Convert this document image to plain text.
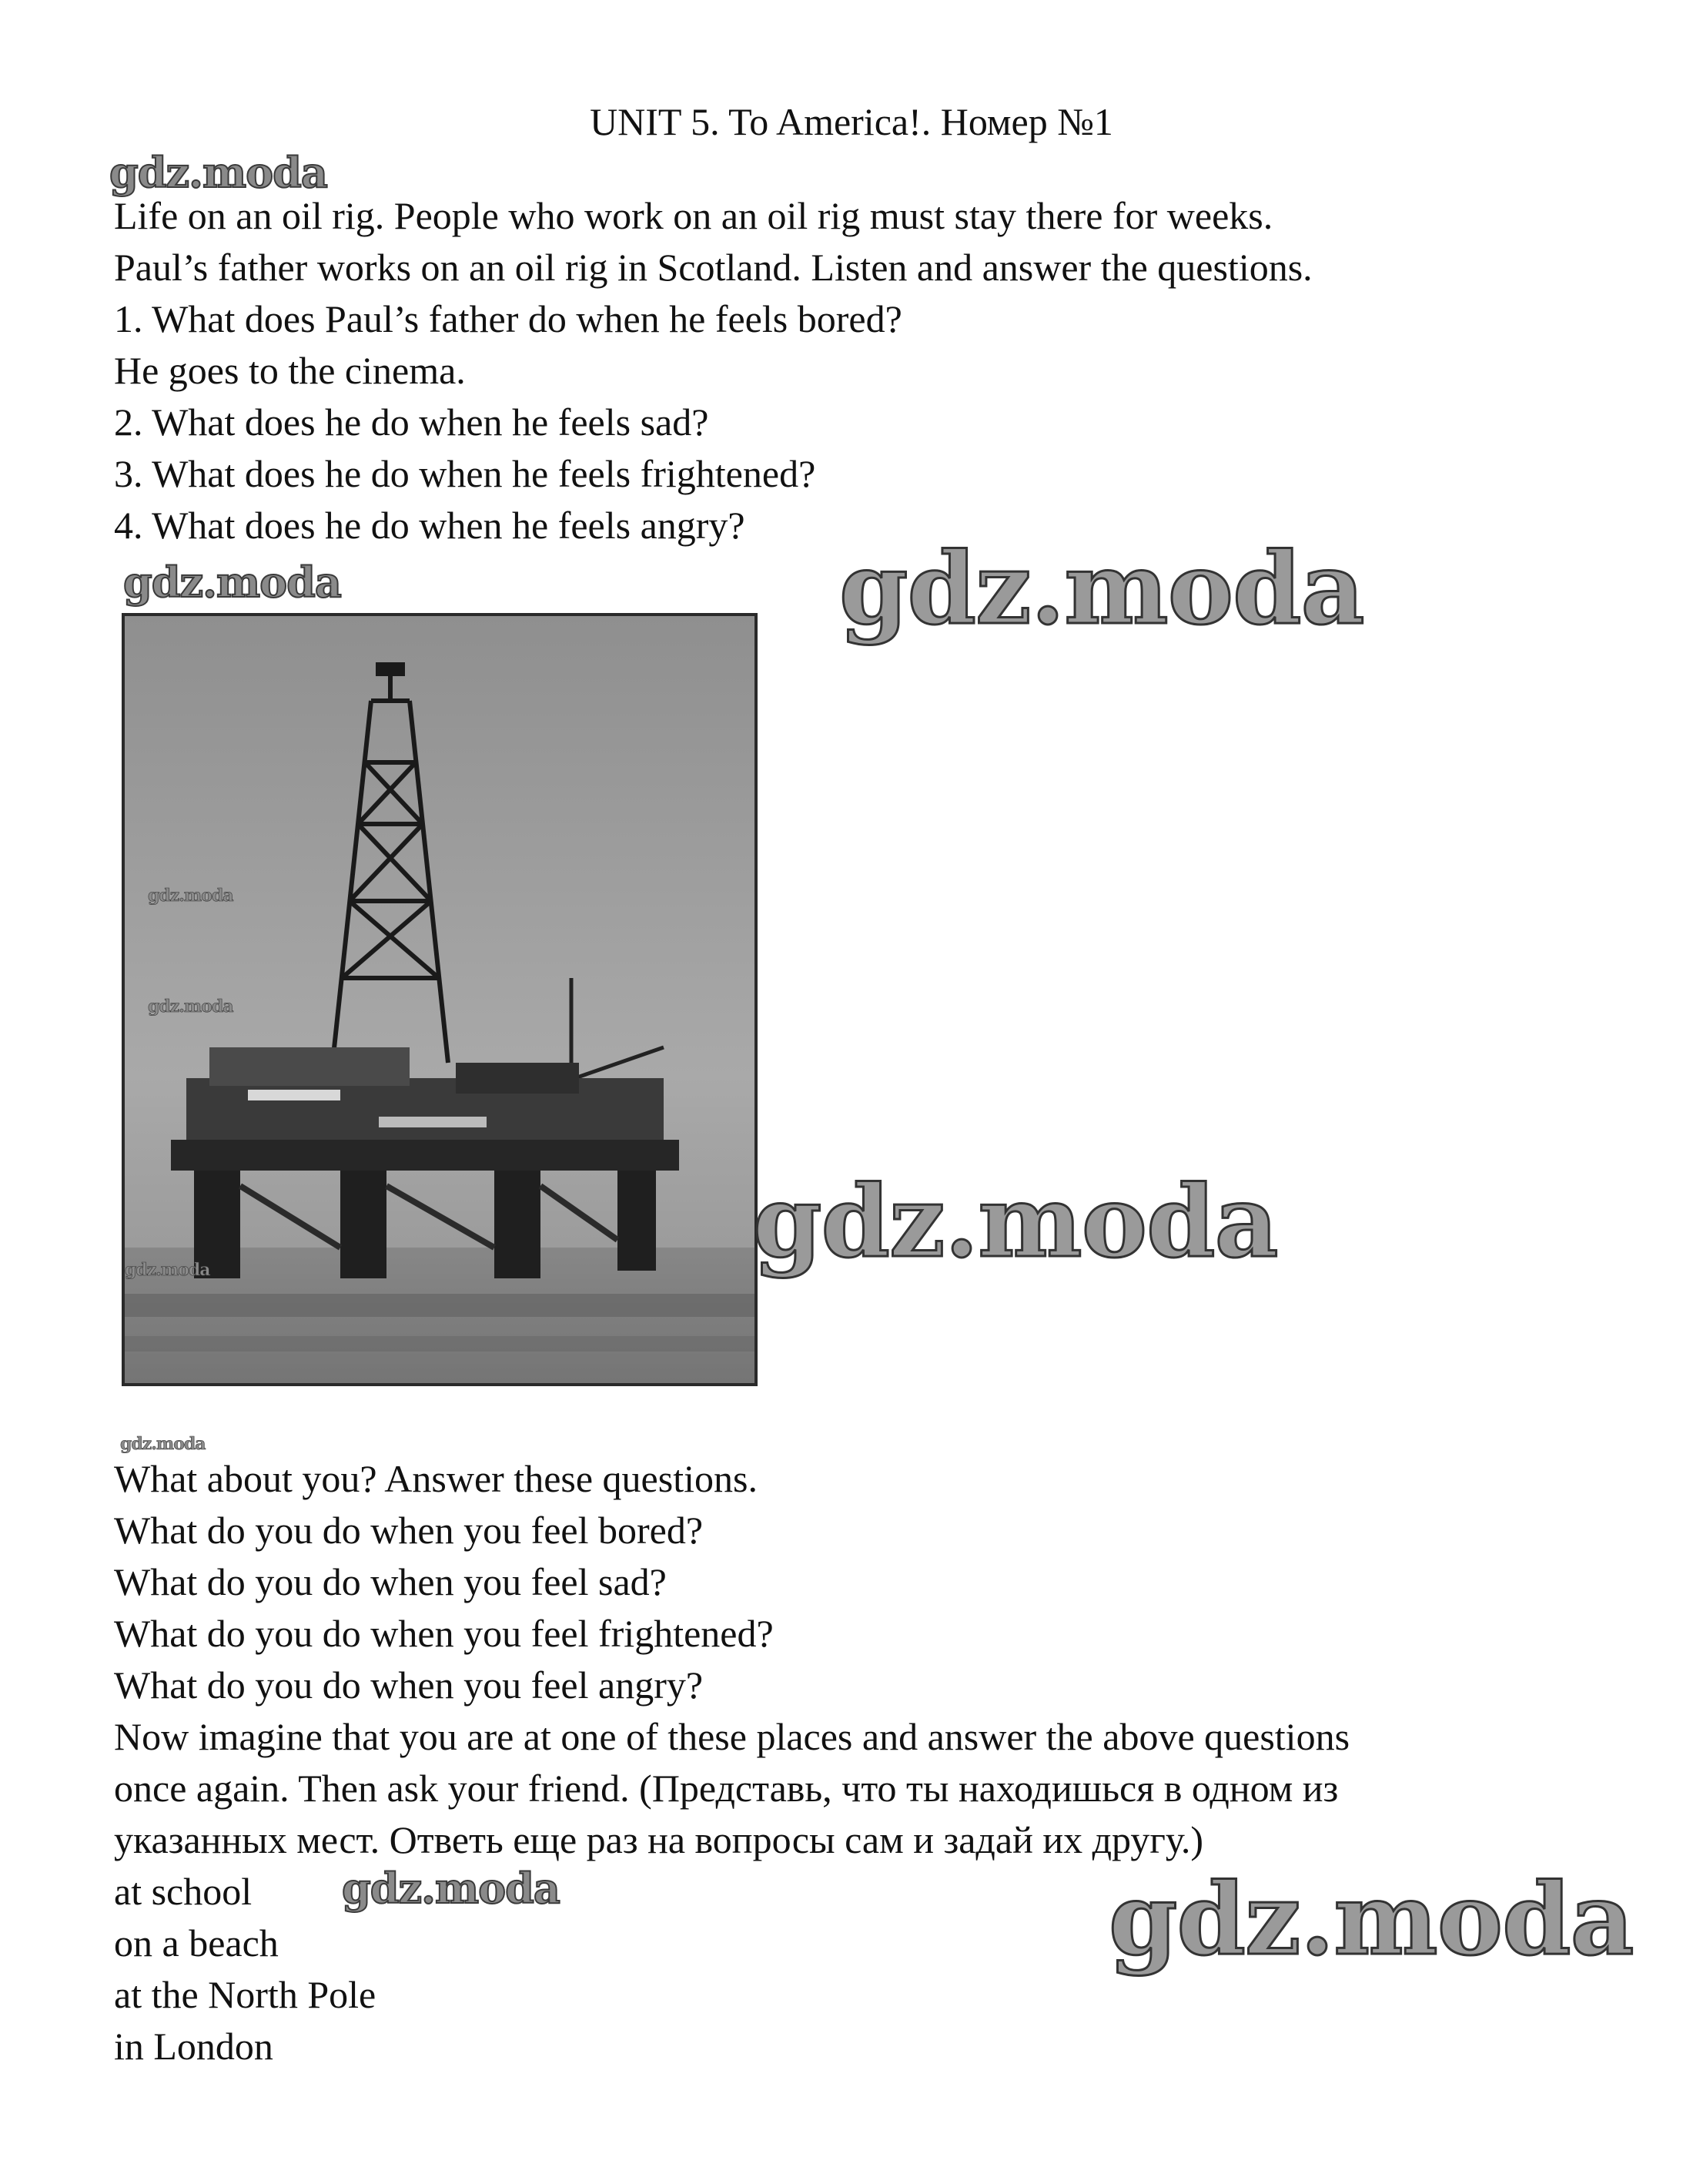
UNIT 5. To America!. Номер №1
gdz.moda
Life on an oil rig. People who work on an oil rig must stay there for weeks.
Paul’s father works on an oil rig in Scotland. Listen and answer the questions.
1. What does Paul’s father do when he feels bored?
He goes to the cinema.
2. What does he do when he feels sad?
3. What does he do when he feels frightened?
4. What does he do when he feels angry?
gdz.moda	gdz.moda
gdz.moda
gdz.moda
gdz.moda	gdz.moda
gdz.moda
What about you? Answer these questions.
What do you do when you feel bored?
What do you do when you feel sad?
What do you do when you feel frightened?
What do you do when you feel angry?
Now imagine that you are at one of these places and answer the above questions
once again. Then ask your friend. (Представь, что ты находишься в одном из
указанных мест. Ответь еще раз на вопросы сам и задай их другу.)
at school gdz.moda
on a beach
at the North Pole
in London
gdz.moda
